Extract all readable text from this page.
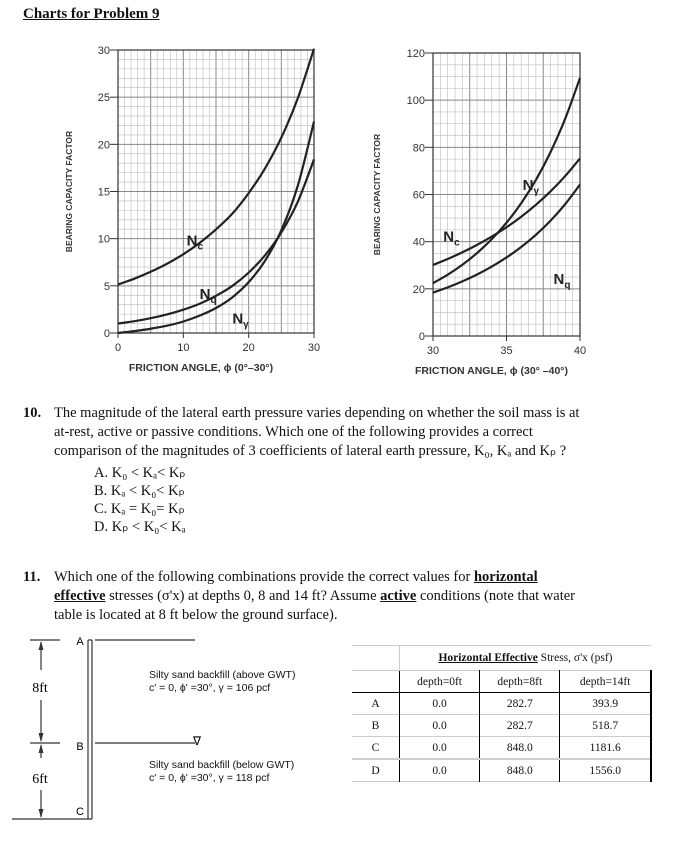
Charts for Problem 9
0
5
10
15
20
25
30
0	10	20	30
FRICTION ANGLE, ϕ (0°–30°)
BEARING CAPACITY FACTOR	$N_c$
$N_q$
$N_\gamma$
0
20
40
60
80
100
120
30	35	40
FRICTION ANGLE, ϕ (30° –40°)
BEARING CAPACITY FACTOR	$N_c$
$N_q$
$N_\gamma$
10. The magnitude of the lateral earth pressure varies depending on whether the soil mass is at
at-rest, active or passive conditions. Which one of the following provides a correct
comparison of the magnitudes of 3 coefficients of lateral earth pressure, K₀, Kₐ and Kₚ ?
A. K₀ < Kₐ< Kₚ
B. Kₐ < K₀< Kₚ
C. Kₐ = K₀= Kₚ
D. Kₚ < K₀< Kₐ
11. Which one of the following combinations provide the correct values for horizontal
effective stresses (σ'x) at depths 0, 8 and 14 ft? Assume active conditions (note that water
table is located at 8 ft below the ground surface).
8ft
6ft
A
B
C
∇
Silty sand backfill (above GWT)
c' = 0, ϕ' =30°, γ = 106 pcf
Silty sand backfill (below GWT)
c' = 0, ϕ' =30°, γ = 118 pcf
	Horizontal Effective Stress, σ'x (psf)		
	depth=0ft	depth=8ft	depth=14ft
A	0.0	282.7	393.9
B	0.0	282.7	518.7
C	0.0	848.0	1181.6
D	0.0	848.0	1556.0
